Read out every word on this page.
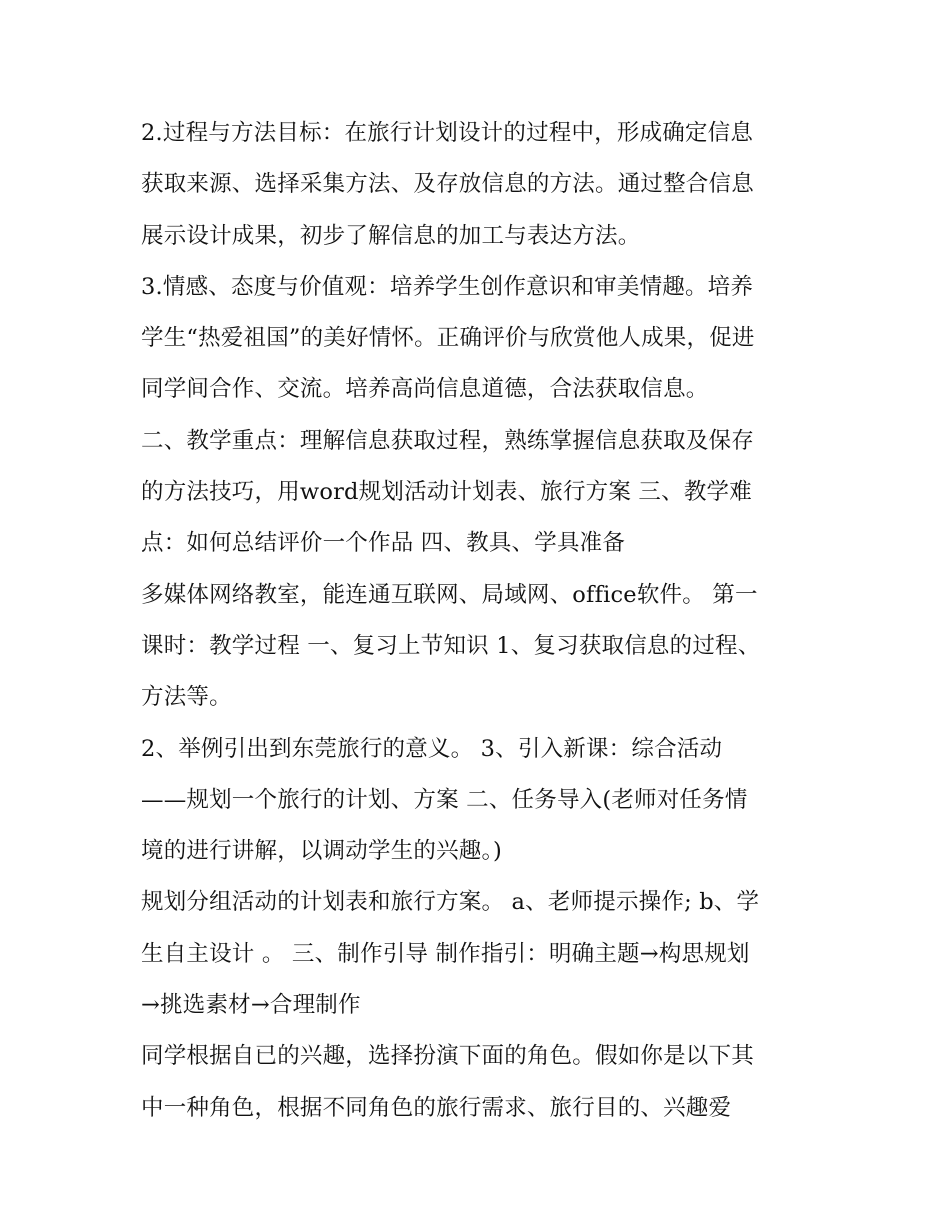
2.过程与方法目标：在旅行计划设计的过程中，形成确定信息
获取来源、选择采集方法、及存放信息的方法。通过整合信息
展示设计成果，初步了解信息的加工与表达方法。
3.情感、态度与价值观：培养学生创作意识和审美情趣。培养
学生“热爱祖国”的美好情怀。正确评价与欣赏他人成果，促进
同学间合作、交流。培养高尚信息道德，合法获取信息。
二、教学重点：理解信息获取过程，熟练掌握信息获取及保存
的方法技巧，用word规划活动计划表、旅行方案 三、教学难
点：如何总结评价一个作品 四、教具、学具准备
多媒体网络教室，能连通互联网、局域网、office软件。 第一
课时：教学过程 一、复习上节知识 1、复习获取信息的过程、
方法等。
2、举例引出到东莞旅行的意义。 3、引入新课：综合活动
——规划一个旅行的计划、方案 二、任务导入(老师对任务情
境的进行讲解，以调动学生的兴趣。)
规划分组活动的计划表和旅行方案。 a、老师提示操作; b、学
生自主设计 。 三、制作引导 制作指引：明确主题→构思规划
→挑选素材→合理制作
同学根据自已的兴趣，选择扮演下面的角色。假如你是以下其
中一种角色，根据不同角色的旅行需求、旅行目的、兴趣爱
